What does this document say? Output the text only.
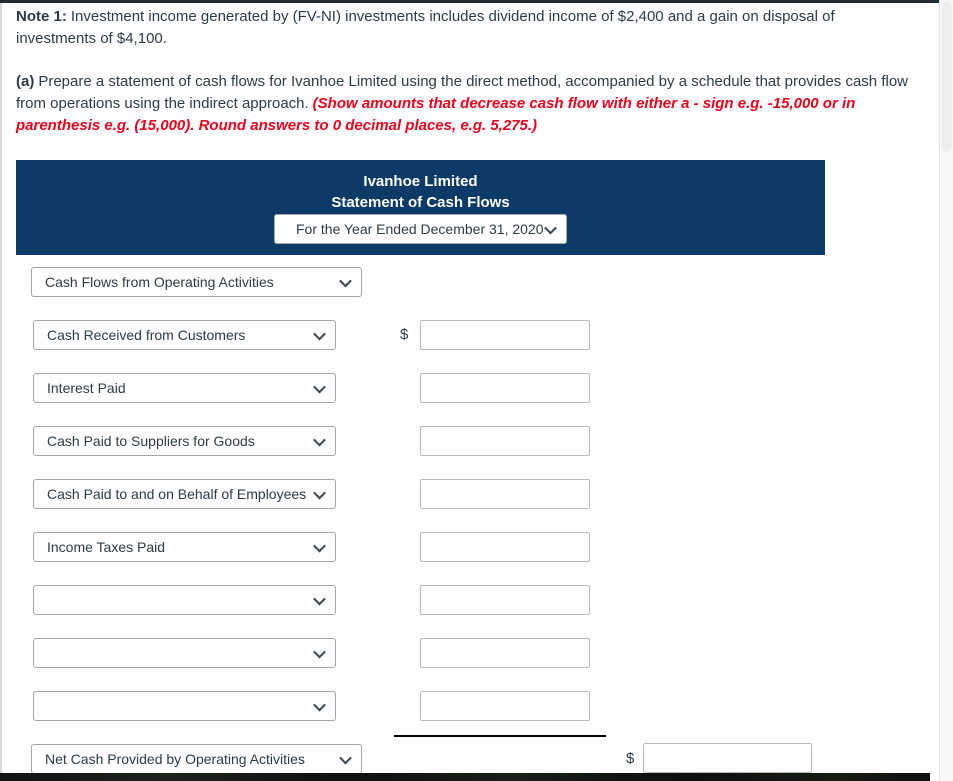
Note 1: Investment income generated by (FV-NI) investments includes dividend income of $2,400 and a gain on disposal of investments of $4,100.
(a) Prepare a statement of cash flows for Ivanhoe Limited using the direct method, accompanied by a schedule that provides cash flow from operations using the indirect approach. (Show amounts that decrease cash flow with either a - sign e.g. -15,000 or in parenthesis e.g. (15,000). Round answers to 0 decimal places, e.g. 5,275.)
Ivanhoe Limited
Statement of Cash Flows
For the Year Ended December 31, 2020
Cash Flows from Operating Activities
Cash Received from Customers	$
Interest Paid
Cash Paid to Suppliers for Goods
Cash Paid to and on Behalf of Employees
Income Taxes Paid
Net Cash Provided by Operating Activities	$
